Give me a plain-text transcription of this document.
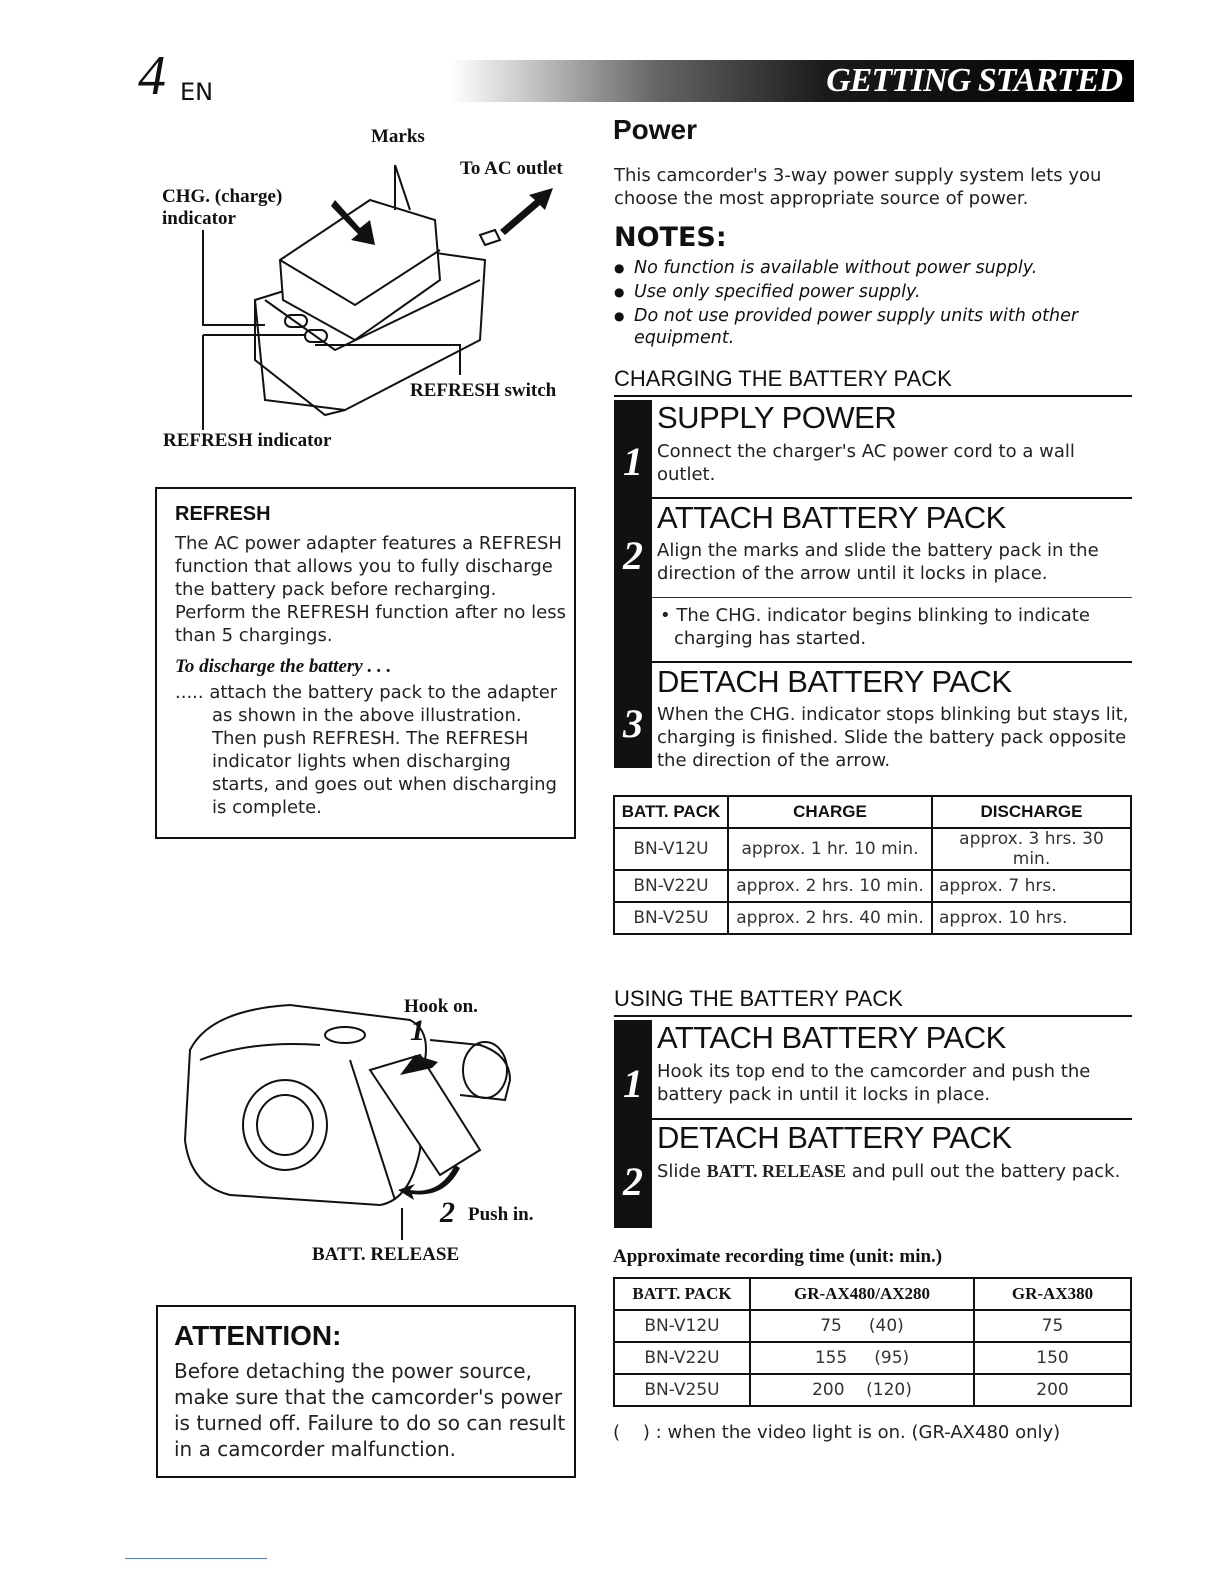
4 EN	GETTING STARTED
Marks
To AC outlet
CHG. (charge)
indicator
REFRESH switch
REFRESH indicator
REFRESH
The AC power adapter features a REFRESH
function that allows you to fully discharge
the battery pack before recharging.
Perform the REFRESH function after no less
than 5 chargings.
To discharge the battery . . .
..... attach the battery pack to the adapter
as shown in the above illustration.
Then push REFRESH. The REFRESH
indicator lights when discharging
starts, and goes out when discharging
is complete.
Hook on.
1
2 Push in.
BATT. RELEASE
ATTENTION:
Before detaching the power source,
make sure that the camcorder's power
is turned off. Failure to do so can result
in a camcorder malfunction.
Power
This camcorder's 3-way power supply system lets you
choose the most appropriate source of power.
NOTES:
● No function is available without power supply.
● Use only specified power supply.
● Do not use provided power supply units with other
equipment.
CHARGING THE BATTERY PACK
1
2
3
SUPPLY POWER
Connect the charger's AC power cord to a wall
outlet.
ATTACH BATTERY PACK
Align the marks and slide the battery pack in the
direction of the arrow until it locks in place.
• The CHG. indicator begins blinking to indicate
charging has started.
DETACH BATTERY PACK
When the CHG. indicator stops blinking but stays lit,
charging is finished. Slide the battery pack opposite
the direction of the arrow.
BATT. PACK	CHARGE	DISCHARGE
BN-V12U	approx. 1 hr. 10 min.	approx. 3 hrs. 30 min.
BN-V22U	approx. 2 hrs. 10 min.	approx. 7 hrs.
BN-V25U	approx. 2 hrs. 40 min.	approx. 10 hrs.
USING THE BATTERY PACK
1
2
ATTACH BATTERY PACK
Hook its top end to the camcorder and push the
battery pack in until it locks in place.
DETACH BATTERY PACK
Slide BATT. RELEASE and pull out the battery pack.
Approximate recording time (unit: min.)
BATT. PACK	GR-AX480/AX280	GR-AX380
BN-V12U	75     (40)	75
BN-V22U	155     (95)	150
BN-V25U	200    (120)	200
(    ) : when the video light is on. (GR-AX480 only)
